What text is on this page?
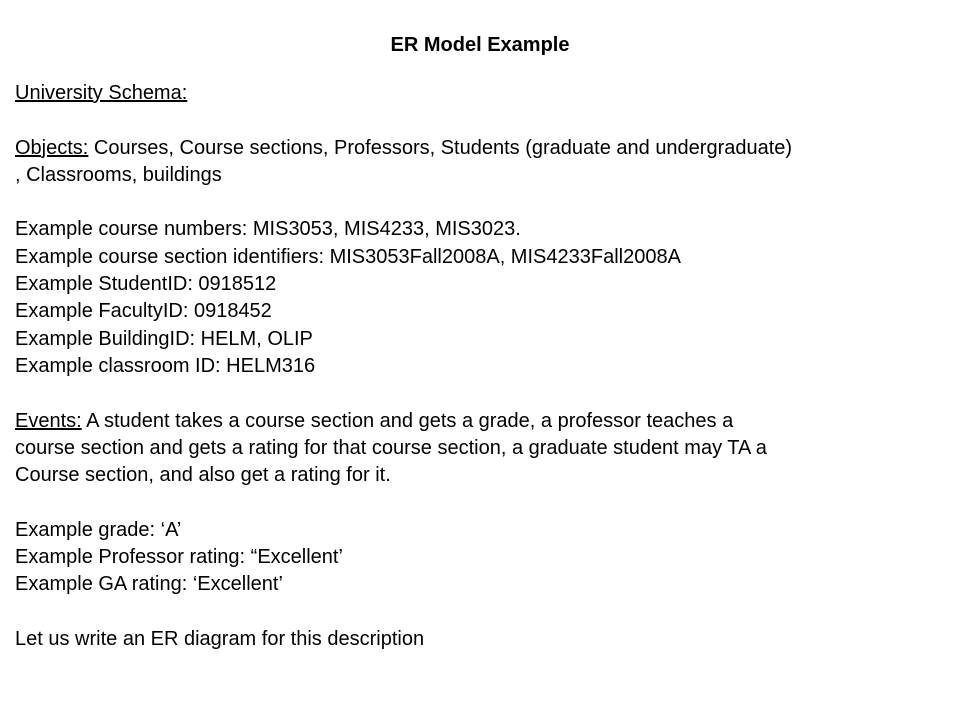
ER Model Example
University Schema:
Objects: Courses, Course sections, Professors, Students (graduate and undergraduate)
, Classrooms, buildings
Example course numbers: MIS3053, MIS4233, MIS3023.
Example course section identifiers: MIS3053Fall2008A, MIS4233Fall2008A
Example StudentID: 0918512
Example FacultyID: 0918452
Example BuildingID: HELM, OLIP
Example classroom ID: HELM316
Events: A student takes a course section and gets a grade, a professor teaches a
course section and gets a rating for that course section, a graduate student may TA a
Course section, and also get a rating for it.
Example grade: ‘A’
Example Professor rating: “Excellent’
Example GA rating: ‘Excellent’
Let us write an ER diagram for this description
